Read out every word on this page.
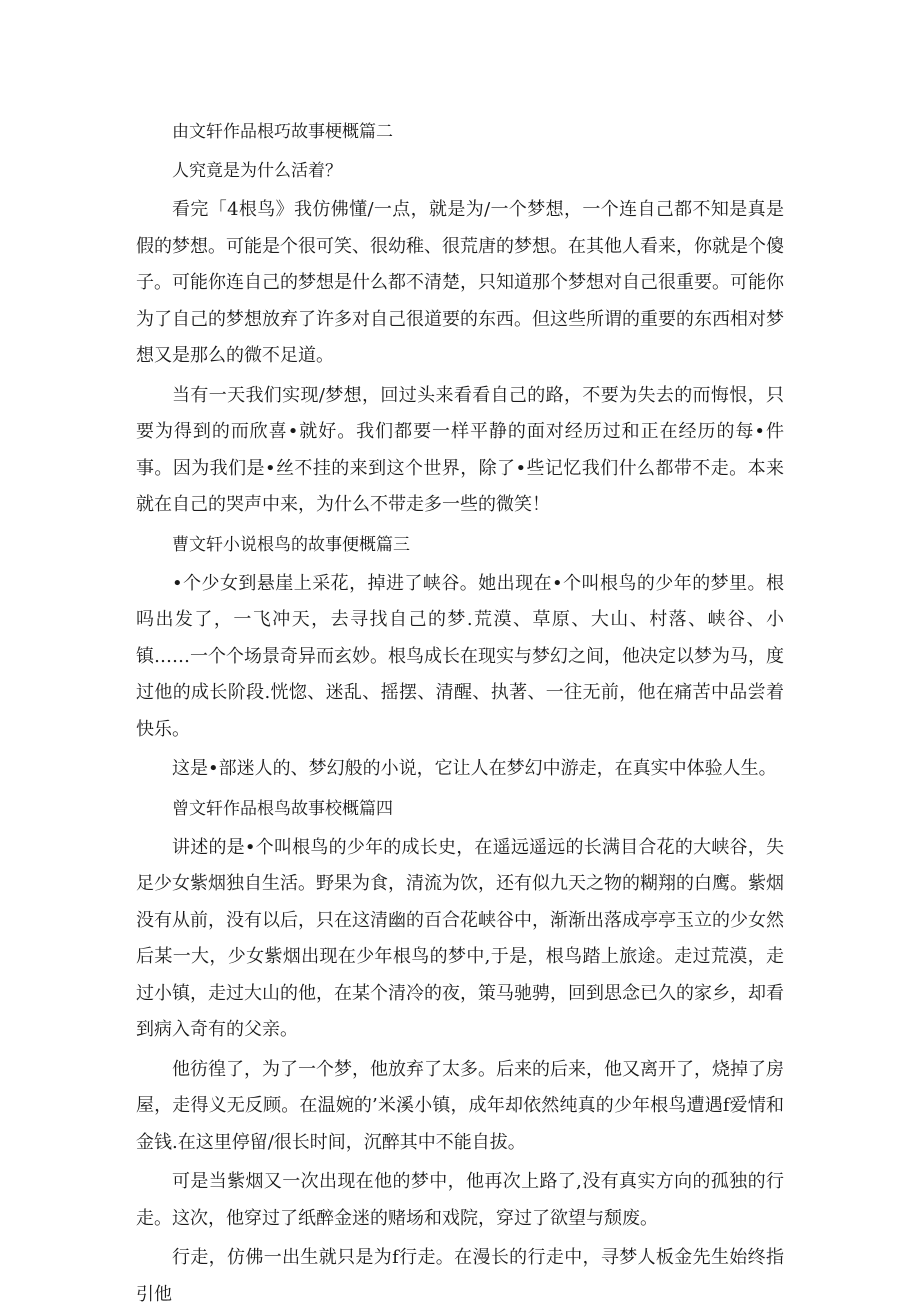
由文轩作品根巧故事梗概篇二
人究竟是为什么活着？

看完「4根鸟》我仿佛懂/一点，就是为/一个梦想，一个连自己都不知是真是假的梦想。可能是个很可笑、很幼稚、很荒唐的梦想。在其他人看来，你就是个傻子。可能你连自己的梦想是什么都不清楚，只知道那个梦想对自己很重要。可能你为了自己的梦想放弃了许多对自己很道要的东西。但这些所谓的重要的东西相对梦想又是那么的微不足道。

当有一天我们实现/梦想，回过头来看看自己的路，不要为失去的而悔恨，只要为得到的而欣喜•就好。我们都要一样平静的面对经历过和正在经历的每•件事。因为我们是•丝不挂的来到这个世界，除了•些记忆我们什么都带不走。本来就在自己的哭声中来，为什么不带走多一些的微笑！

曹文轩小说根鸟的故事便概篇三

•个少女到悬崖上采花，掉进了峡谷。她出现在•个叫根鸟的少年的梦里。根吗出发了，一飞冲天，去寻找自己的梦.荒漠、草原、大山、村落、峡谷、小镇……一个个场景奇异而玄妙。根鸟成长在现实与梦幻之间，他决定以梦为马，度过他的成长阶段.恍惚、迷乱、摇摆、清醒、执著、一往无前，他在痛苦中品尝着快乐。

这是•部迷人的、梦幻般的小说，它让人在梦幻中游走，在真实中体验人生。

曾文轩作品根鸟故事校概篇四

讲述的是•个叫根鸟的少年的成长史，在遥远遥远的长满目合花的大峡谷，失足少女紫烟独自生活。野果为食，清流为饮，还有似九天之物的糊翔的白鹰。紫烟没有从前，没有以后，只在这清幽的百合花峡谷中，渐渐出落成亭亭玉立的少女然后某一大，少女紫烟出现在少年根鸟的梦中,于是，根鸟踏上旅途。走过荒漠，走过小镇，走过大山的他，在某个清冷的夜，策马驰骋，回到思念已久的家乡，却看到病入奇有的父亲。

他彷徨了，为了一个梦，他放弃了太多。后来的后来，他又离开了，烧掉了房屋，走得义无反顾。在温婉的’米溪小镇，成年却依然纯真的少年根鸟遭遇f爱情和金钱.在这里停留/很长时间，沉醉其中不能自拔。

可是当紫烟又一次出现在他的梦中，他再次上路了,没有真实方向的孤独的行走。这次，他穿过了纸醉金迷的赌场和戏院，穿过了欲望与颓废。

行走，仿佛一出生就只是为f行走。在漫长的行走中，寻梦人板金先生始终指引他
